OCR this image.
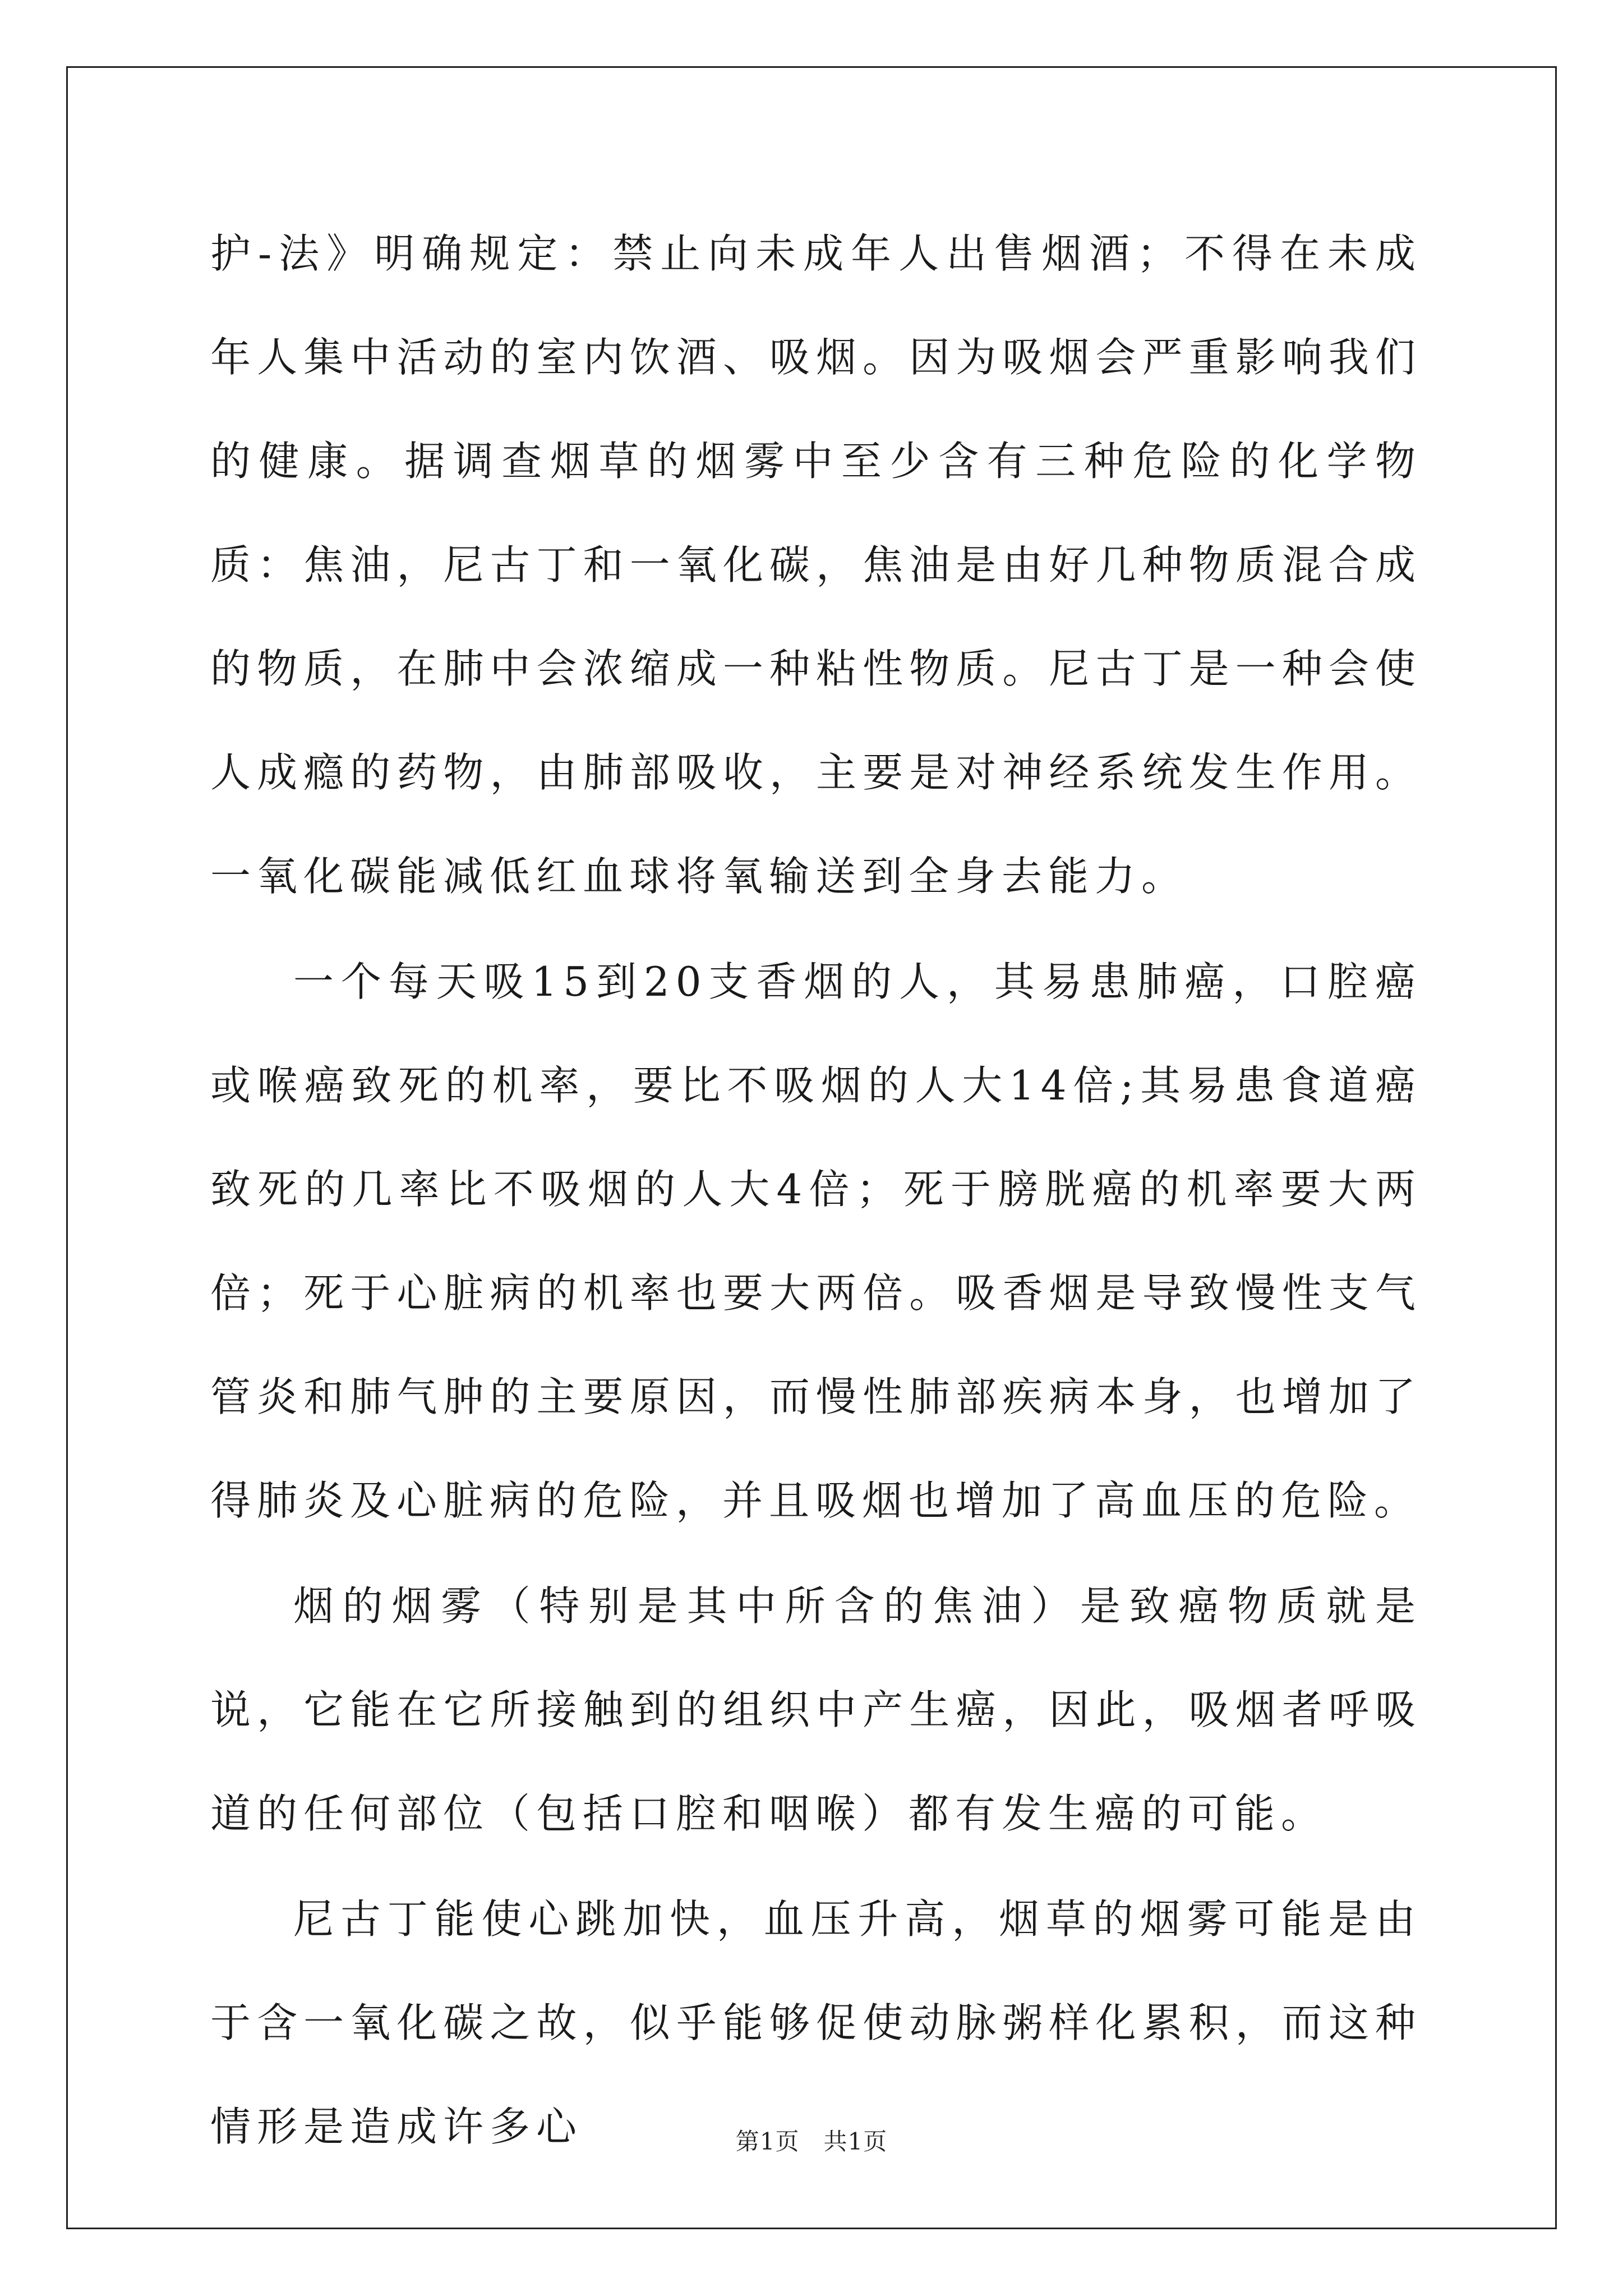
护-法》明确规定：禁止向未成年人出售烟酒；不得在未成年人集中活动的室内饮酒、吸烟。因为吸烟会严重影响我们的健康。据调查烟草的烟雾中至少含有三种危险的化学物质：焦油，尼古丁和一氧化碳，焦油是由好几种物质混合成的物质，在肺中会浓缩成一种粘性物质。尼古丁是一种会使人成瘾的药物，由肺部吸收，主要是对神经系统发生作用。一氧化碳能减低红血球将氧输送到全身去能力。

一个每天吸15到20支香烟的人，其易患肺癌，口腔癌或喉癌致死的机率，要比不吸烟的人大14倍;其易患食道癌致死的几率比不吸烟的人大4倍；死于膀胱癌的机率要大两倍；死于心脏病的机率也要大两倍。吸香烟是导致慢性支气管炎和肺气肿的主要原因，而慢性肺部疾病本身，也增加了得肺炎及心脏病的危险，并且吸烟也增加了高血压的危险。

烟的烟雾（特别是其中所含的焦油）是致癌物质就是说，它能在它所接触到的组织中产生癌，因此，吸烟者呼吸道的任何部位（包括口腔和咽喉）都有发生癌的可能。

尼古丁能使心跳加快，血压升高，烟草的烟雾可能是由于含一氧化碳之故，似乎能够促使动脉粥样化累积，而这种情形是造成许多心	第1页　共1页
